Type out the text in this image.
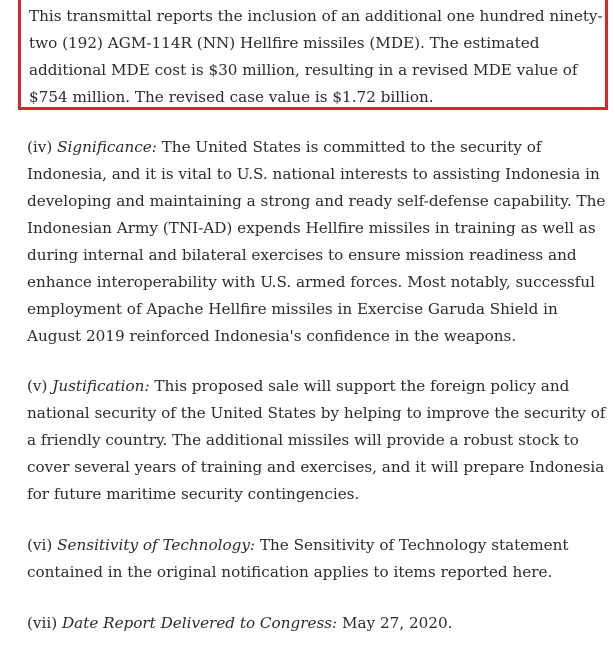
This transmittal reports the inclusion of an additional one hundred ninety-two (192) AGM-114R (NN) Hellfire missiles (MDE). The estimated additional MDE cost is $30 million, resulting in a revised MDE value of $754 million. The revised case value is $1.72 billion.

(iv) Significance: The United States is committed to the security of Indonesia, and it is vital to U.S. national interests to assisting Indonesia in developing and maintaining a strong and ready self-defense capability. The Indonesian Army (TNI-AD) expends Hellfire missiles in training as well as during internal and bilateral exercises to ensure mission readiness and enhance interoperability with U.S. armed forces. Most notably, successful employment of Apache Hellfire missiles in Exercise Garuda Shield in August 2019 reinforced Indonesia's confidence in the weapons.

(v) Justification: This proposed sale will support the foreign policy and national security of the United States by helping to improve the security of a friendly country. The additional missiles will provide a robust stock to cover several years of training and exercises, and it will prepare Indonesia for future maritime security contingencies.

(vi) Sensitivity of Technology: The Sensitivity of Technology statement contained in the original notification applies to items reported here.

(vii) Date Report Delivered to Congress: May 27, 2020.
